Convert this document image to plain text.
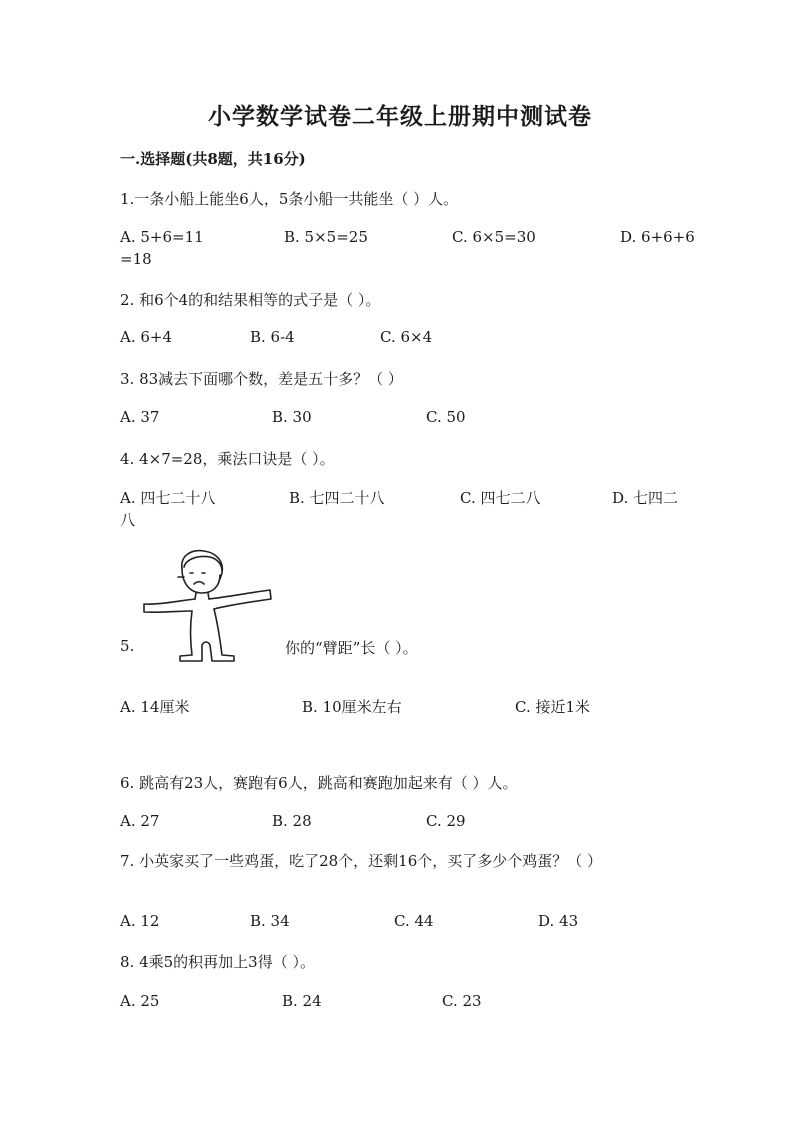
小学数学试卷二年级上册期中测试卷
一.选择题(共8题，共16分)
1.一条小船上能坐6人，5条小船一共能坐（ ）人。
A. 5+6=11	B. 5×5=25	C. 6×5=30	D. 6+6+6
=18
2. 和6个4的和结果相等的式子是（ ）。
A. 6+4	B. 6-4	C. 6×4
3. 83减去下面哪个数，差是五十多？（ ）
A. 37	B. 30	C. 50
4. 4×7=28，乘法口诀是（ ）。
A. 四七二十八	B. 七四二十八	C. 四七二八	D. 七四二
八
5.	你的“臂距”长（ ）。
A. 14厘米	B. 10厘米左右	C. 接近1米
6. 跳高有23人，赛跑有6人，跳高和赛跑加起来有（ ）人。
A. 27	B. 28	C. 29
7. 小英家买了一些鸡蛋，吃了28个，还剩16个，买了多少个鸡蛋？（ ）
A. 12	B. 34	C. 44	D. 43
8. 4乘5的积再加上3得（ ）。
A. 25	B. 24	C. 23
